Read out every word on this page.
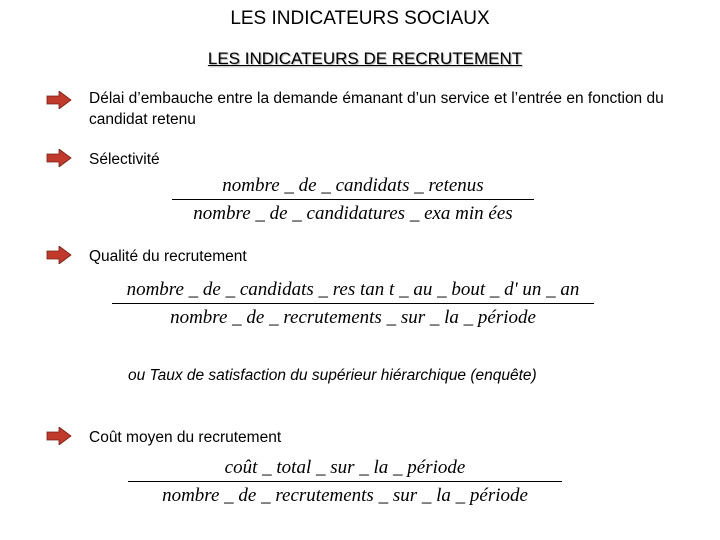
LES INDICATEURS SOCIAUX
LES INDICATEURS DE RECRUTEMENT
Délai d’embauche entre la demande émanant d’un service et l’entrée en fonction du candidat retenu
Sélectivité
nombre _ de _ candidats _ retenus
nombre _ de _ candidatures _ exa min ées
Qualité du recrutement
nombre _ de _ candidats _ res tan t _ au _ bout _ d' un _ an
nombre _ de _ recrutements _ sur _ la _ période
ou Taux de satisfaction du supérieur hiérarchique (enquête)
Coût moyen du recrutement
coût _ total _ sur _ la _ période
nombre _ de _ recrutements _ sur _ la _ période
